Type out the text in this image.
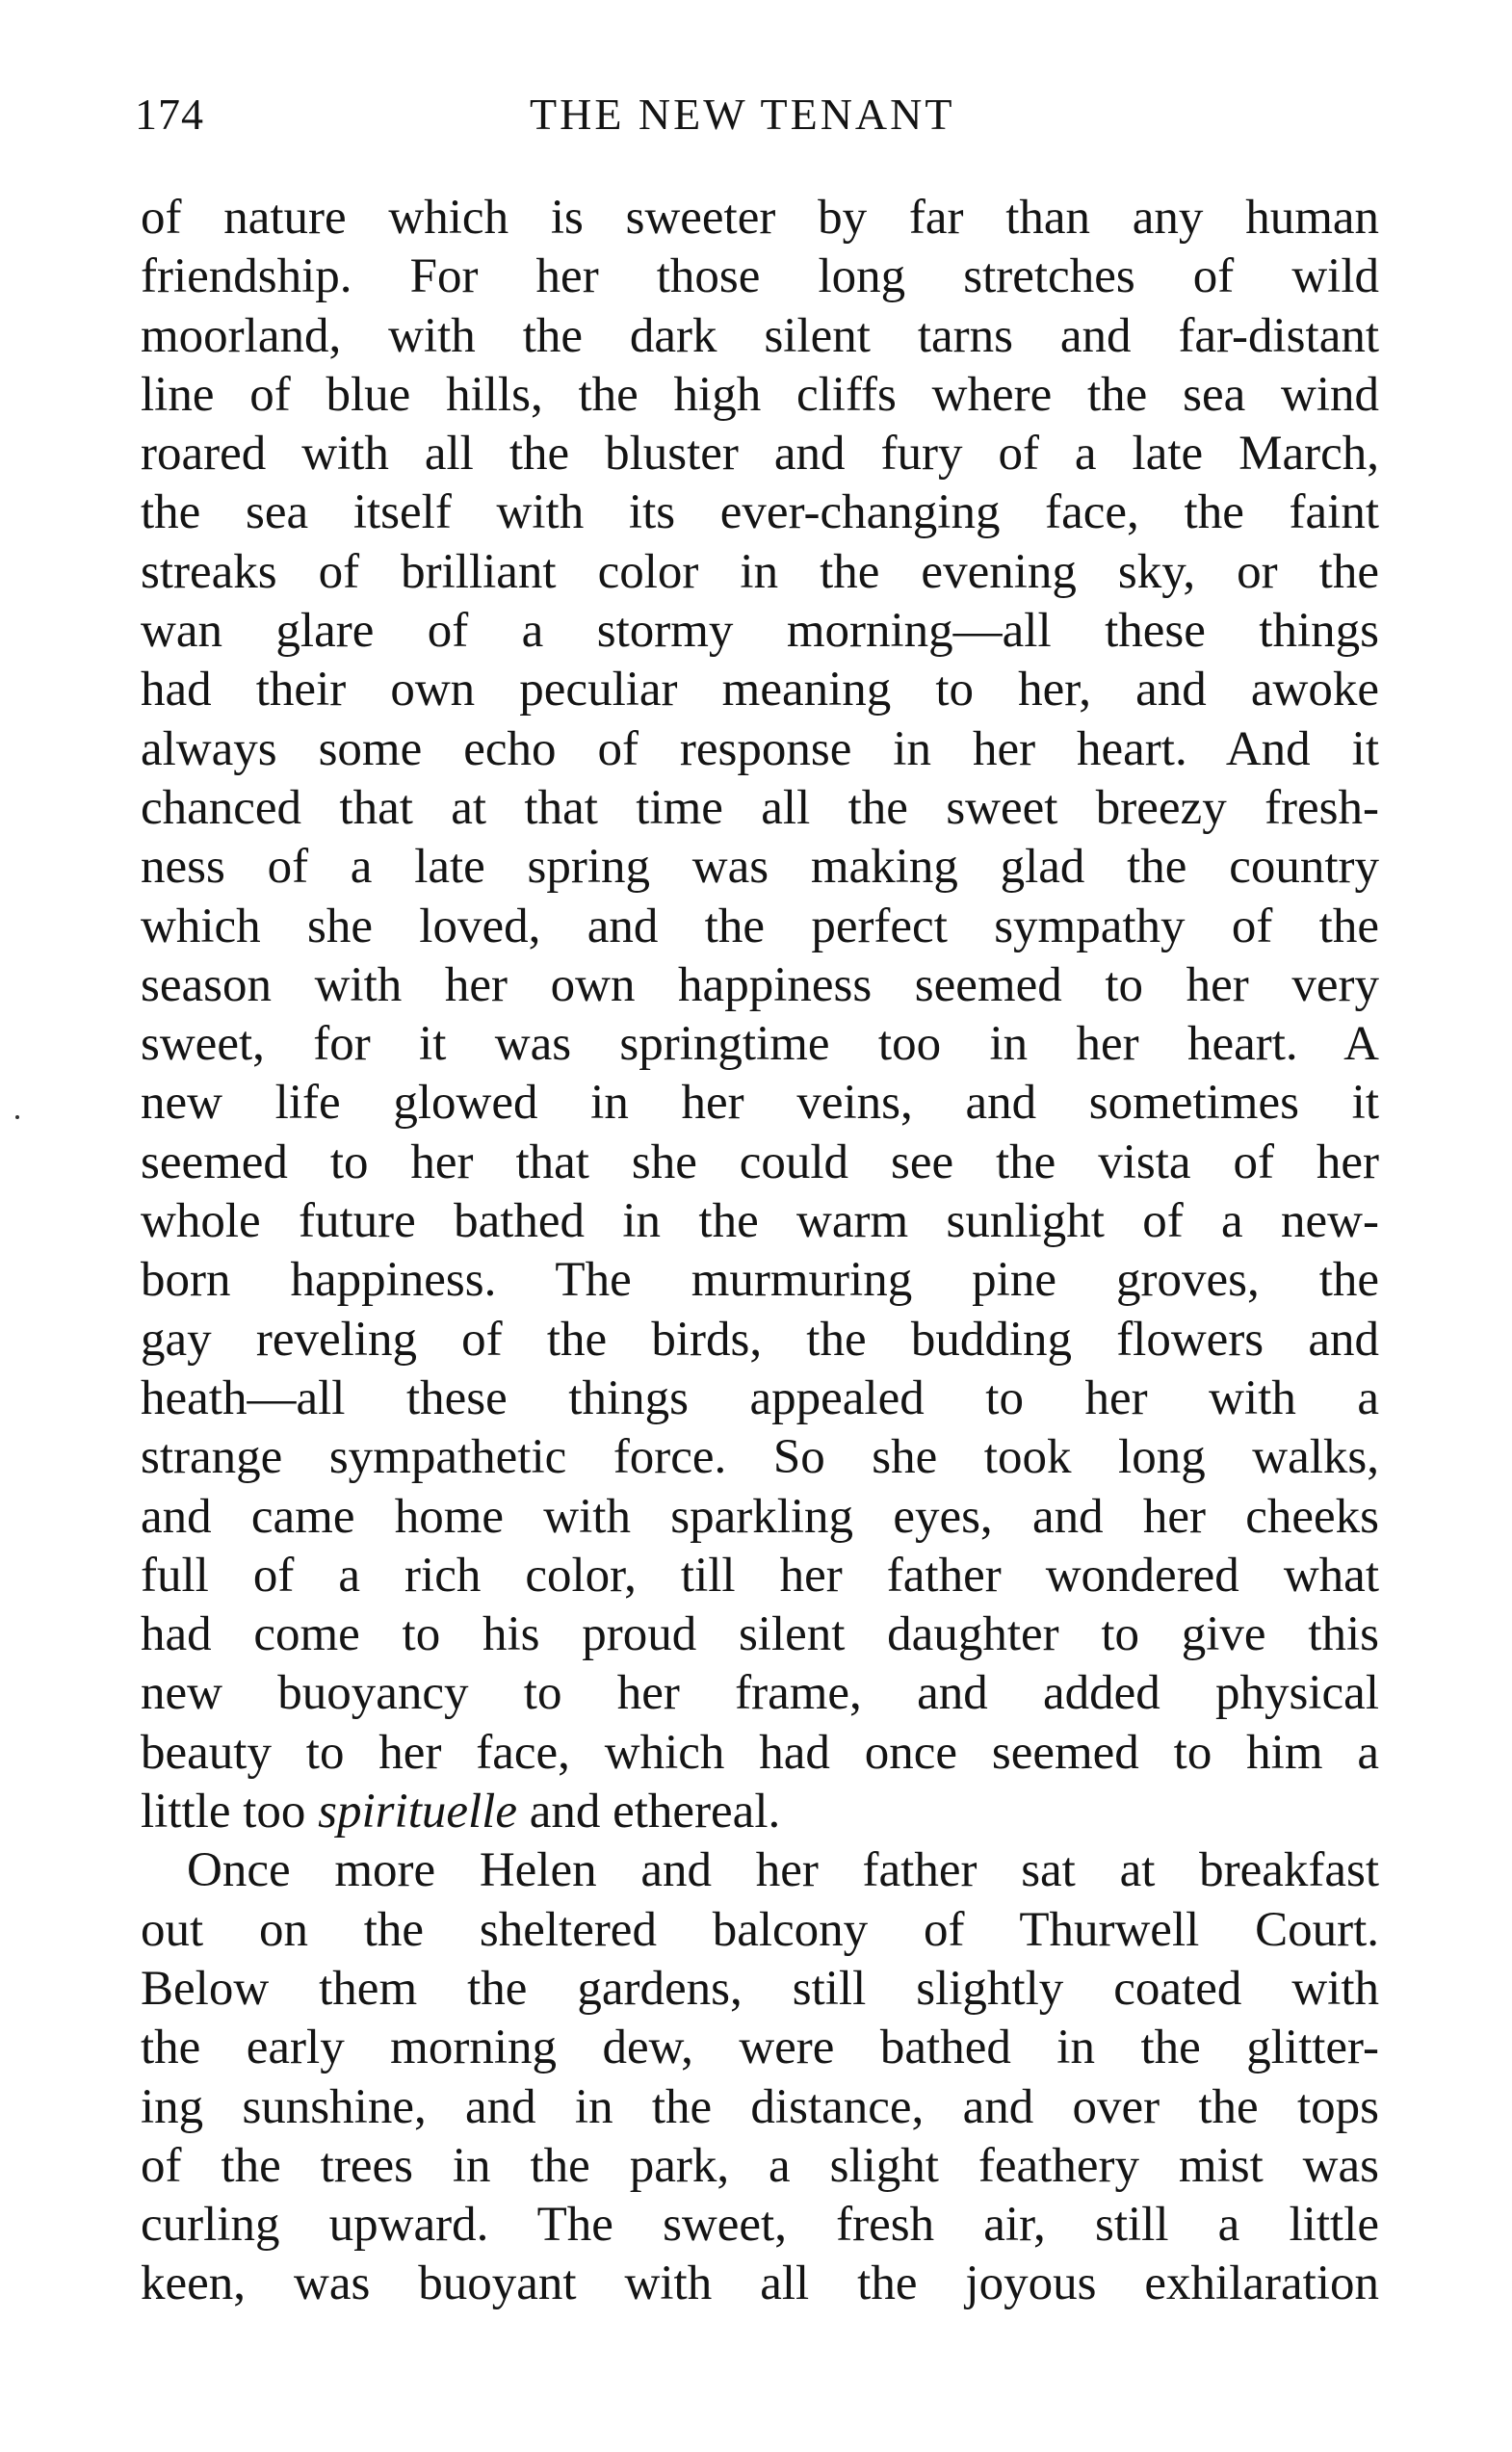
174	THE NEW TENANT
of nature which is sweeter by far than any human
friendship. For her those long stretches of wild
moorland, with the dark silent tarns and far-distant
line of blue hills, the high cliffs where the sea wind
roared with all the bluster and fury of a late March,
the sea itself with its ever-changing face, the faint
streaks of brilliant color in the evening sky, or the
wan glare of a stormy morning—all these things
had their own peculiar meaning to her, and awoke
always some echo of response in her heart. And it
chanced that at that time all the sweet breezy fresh-
ness of a late spring was making glad the country
which she loved, and the perfect sympathy of the
season with her own happiness seemed to her very
sweet, for it was springtime too in her heart. A
new life glowed in her veins, and sometimes it
seemed to her that she could see the vista of her
whole future bathed in the warm sunlight of a new-
born happiness. The murmuring pine groves, the
gay reveling of the birds, the budding flowers and
heath—all these things appealed to her with a
strange sympathetic force. So she took long walks,
and came home with sparkling eyes, and her cheeks
full of a rich color, till her father wondered what
had come to his proud silent daughter to give this
new buoyancy to her frame, and added physical
beauty to her face, which had once seemed to him a
little too spirituelle and ethereal.
Once more Helen and her father sat at breakfast
out on the sheltered balcony of Thurwell Court.
Below them the gardens, still slightly coated with
the early morning dew, were bathed in the glitter-
ing sunshine, and in the distance, and over the tops
of the trees in the park, a slight feathery mist was
curling upward. The sweet, fresh air, still a little
keen, was buoyant with all the joyous exhilaration
